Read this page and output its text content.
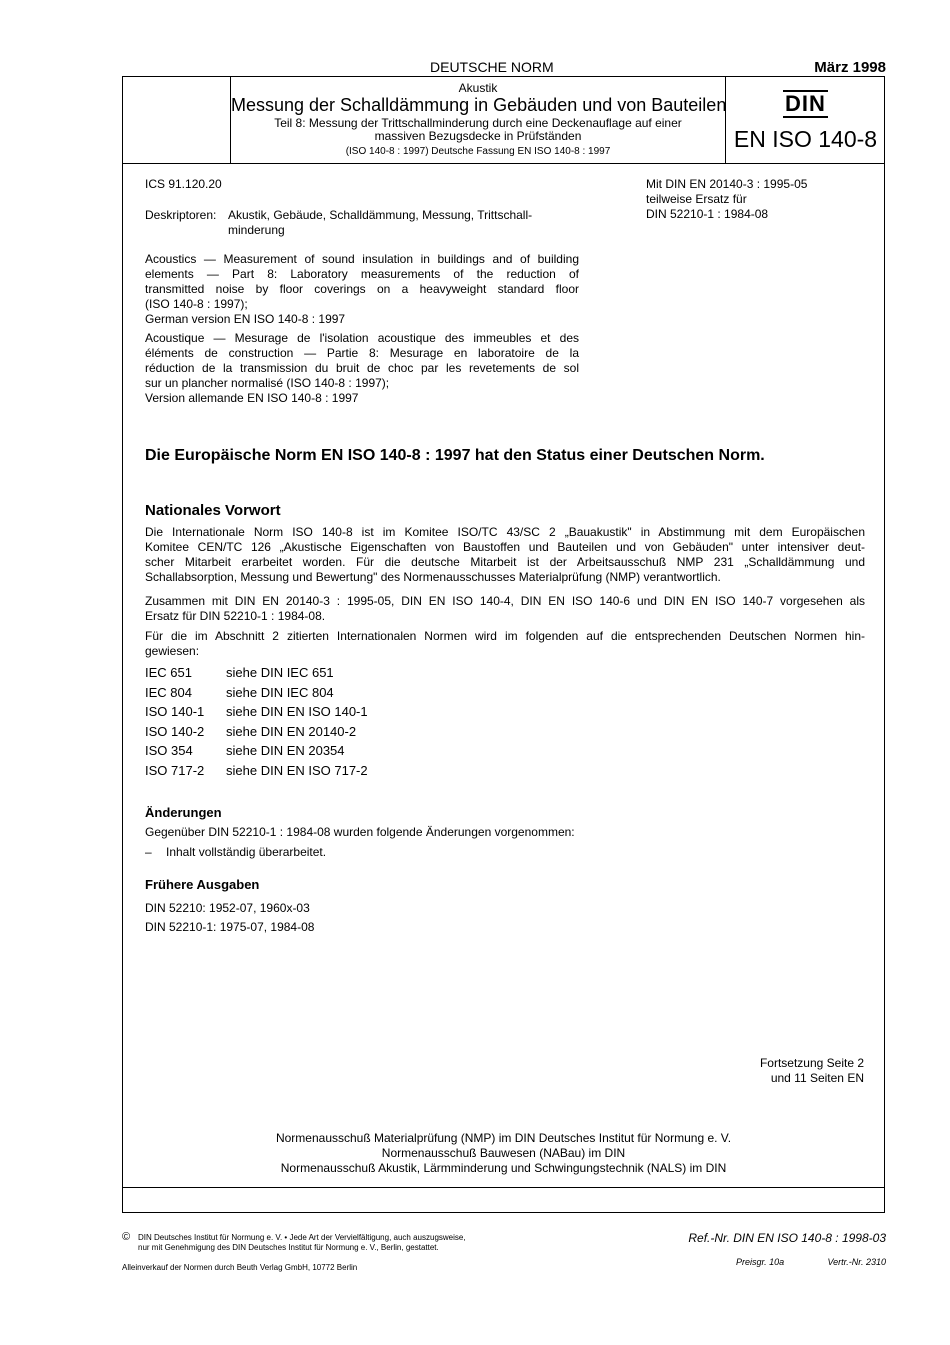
DEUTSCHE NORM	März 1998
Akustik
Messung der Schalldämmung in Gebäuden und von Bauteilen
Teil 8: Messung der Trittschallminderung durch eine Deckenauflage auf einer
massiven Bezugsdecke in Prüfständen
(ISO 140-8 : 1997) Deutsche Fassung EN ISO 140-8 : 1997
DIN
EN ISO 140-8
ICS 91.120.20	Mit DIN EN 20140-3 : 1995-05
teilweise Ersatz für
DIN 52210-1 : 1984-08
Deskriptoren: Akustik, Gebäude, Schalldämmung, Messung, Trittschall-
minderung
Acoustics — Measurement of sound insulation in buildings and of building
elements — Part 8: Laboratory measurements of the reduction of
transmitted noise by floor coverings on a heavyweight standard floor
(ISO 140-8 : 1997);
German version EN ISO 140-8 : 1997
Acoustique — Mesurage de l'isolation acoustique des immeubles et des
éléments de construction — Partie 8: Mesurage en laboratoire de la
réduction de la transmission du bruit de choc par les revetements de sol
sur un plancher normalisé (ISO 140-8 : 1997);
Version allemande EN ISO 140-8 : 1997
Die Europäische Norm EN ISO 140-8 : 1997 hat den Status einer Deutschen Norm.
Nationales Vorwort
Die Internationale Norm ISO 140-8 ist im Komitee ISO/TC 43/SC 2 „Bauakustik" in Abstimmung mit dem Europäischen
Komitee CEN/TC 126 „Akustische Eigenschaften von Baustoffen und Bauteilen und von Gebäuden" unter intensiver deut-
scher Mitarbeit erarbeitet worden. Für die deutsche Mitarbeit ist der Arbeitsausschuß NMP 231 „Schalldämmung und
Schallabsorption, Messung und Bewertung" des Normenausschusses Materialprüfung (NMP) verantwortlich.
Zusammen mit DIN EN 20140-3 : 1995-05, DIN EN ISO 140-4, DIN EN ISO 140-6 und DIN EN ISO 140-7 vorgesehen als
Ersatz für DIN 52210-1 : 1984-08.
Für die im Abschnitt 2 zitierten Internationalen Normen wird im folgenden auf die entsprechenden Deutschen Normen hin-
gewiesen:
IEC 651	siehe DIN IEC 651
IEC 804	siehe DIN IEC 804
ISO 140-1 siehe DIN EN ISO 140-1
ISO 140-2 siehe DIN EN 20140-2
ISO 354	siehe DIN EN 20354
ISO 717-2 siehe DIN EN ISO 717-2
Änderungen
Gegenüber DIN 52210-1 : 1984-08 wurden folgende Änderungen vorgenommen:
– Inhalt vollständig überarbeitet.
Frühere Ausgaben
DIN 52210: 1952-07, 1960x-03
DIN 52210-1: 1975-07, 1984-08
Fortsetzung Seite 2
und 11 Seiten EN
Normenausschuß Materialprüfung (NMP) im DIN Deutsches Institut für Normung e. V.
Normenausschuß Bauwesen (NABau) im DIN
Normenausschuß Akustik, Lärmminderung und Schwingungstechnik (NALS) im DIN
© DIN Deutsches Institut für Normung e. V. • Jede Art der Vervielfältigung, auch auszugsweise,
nur mit Genehmigung des DIN Deutsches Institut für Normung e. V., Berlin, gestattet.
Ref.-Nr. DIN EN ISO 140-8 : 1998-03
Preisgr. 10a	Vertr.-Nr. 2310
Alleinverkauf der Normen durch Beuth Verlag GmbH, 10772 Berlin
